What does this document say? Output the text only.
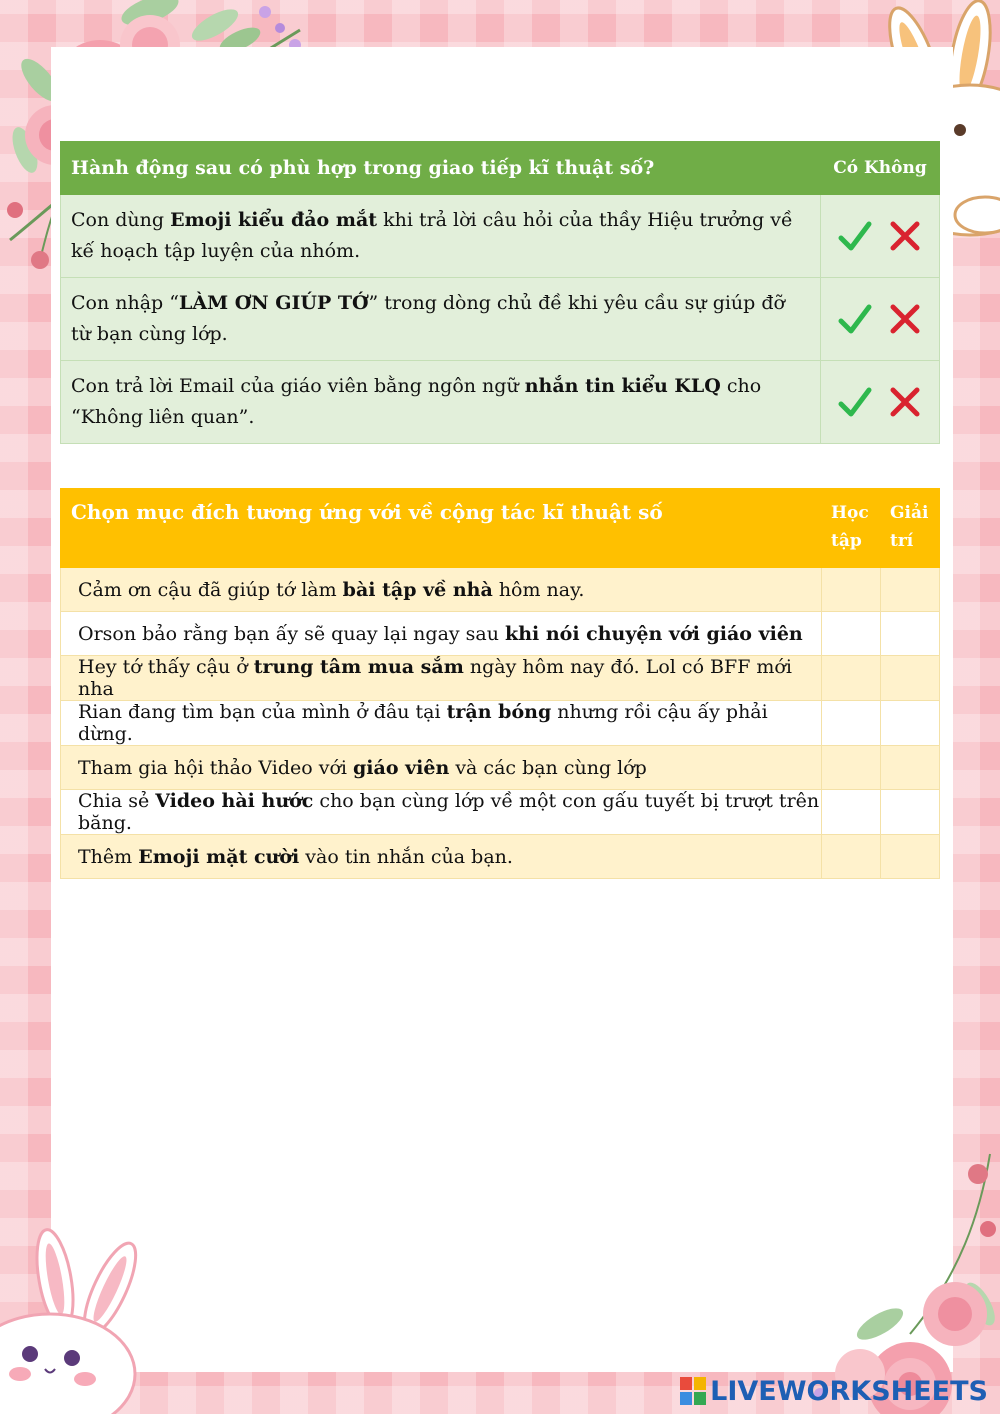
Hành động sau có phù hợp trong giao tiếp kĩ thuật số?	Có Không
Con dùng Emoji kiểu đảo mắt khi trả lời câu hỏi của thầy Hiệu trưởng về kế hoạch tập luyện của nhóm.	
Con nhập “LÀM ƠN GIÚP TỚ” trong dòng chủ đề khi yêu cầu sự giúp đỡ từ bạn cùng lớp.	
Con trả lời Email của giáo viên bằng ngôn ngữ nhắn tin kiểu KLQ cho “Không liên quan”.	
Chọn mục đích tương ứng với về cộng tác kĩ thuật số	Học tập	Giải trí
Cảm ơn cậu đã giúp tớ làm bài tập về nhà hôm nay.		
Orson bảo rằng bạn ấy sẽ quay lại ngay sau khi nói chuyện với giáo viên		
Hey tớ thấy cậu ở trung tâm mua sắm ngày hôm nay đó. Lol có BFF mới nha		
Rian đang tìm bạn của mình ở đâu tại trận bóng nhưng rồi cậu ấy phải dừng.		
Tham gia hội thảo Video với giáo viên và các bạn cùng lớp		
Chia sẻ Video hài hước cho bạn cùng lớp về một con gấu tuyết bị trượt trên băng.		
Thêm Emoji mặt cười vào tin nhắn của bạn.		
LIVEWORKSHEETS
